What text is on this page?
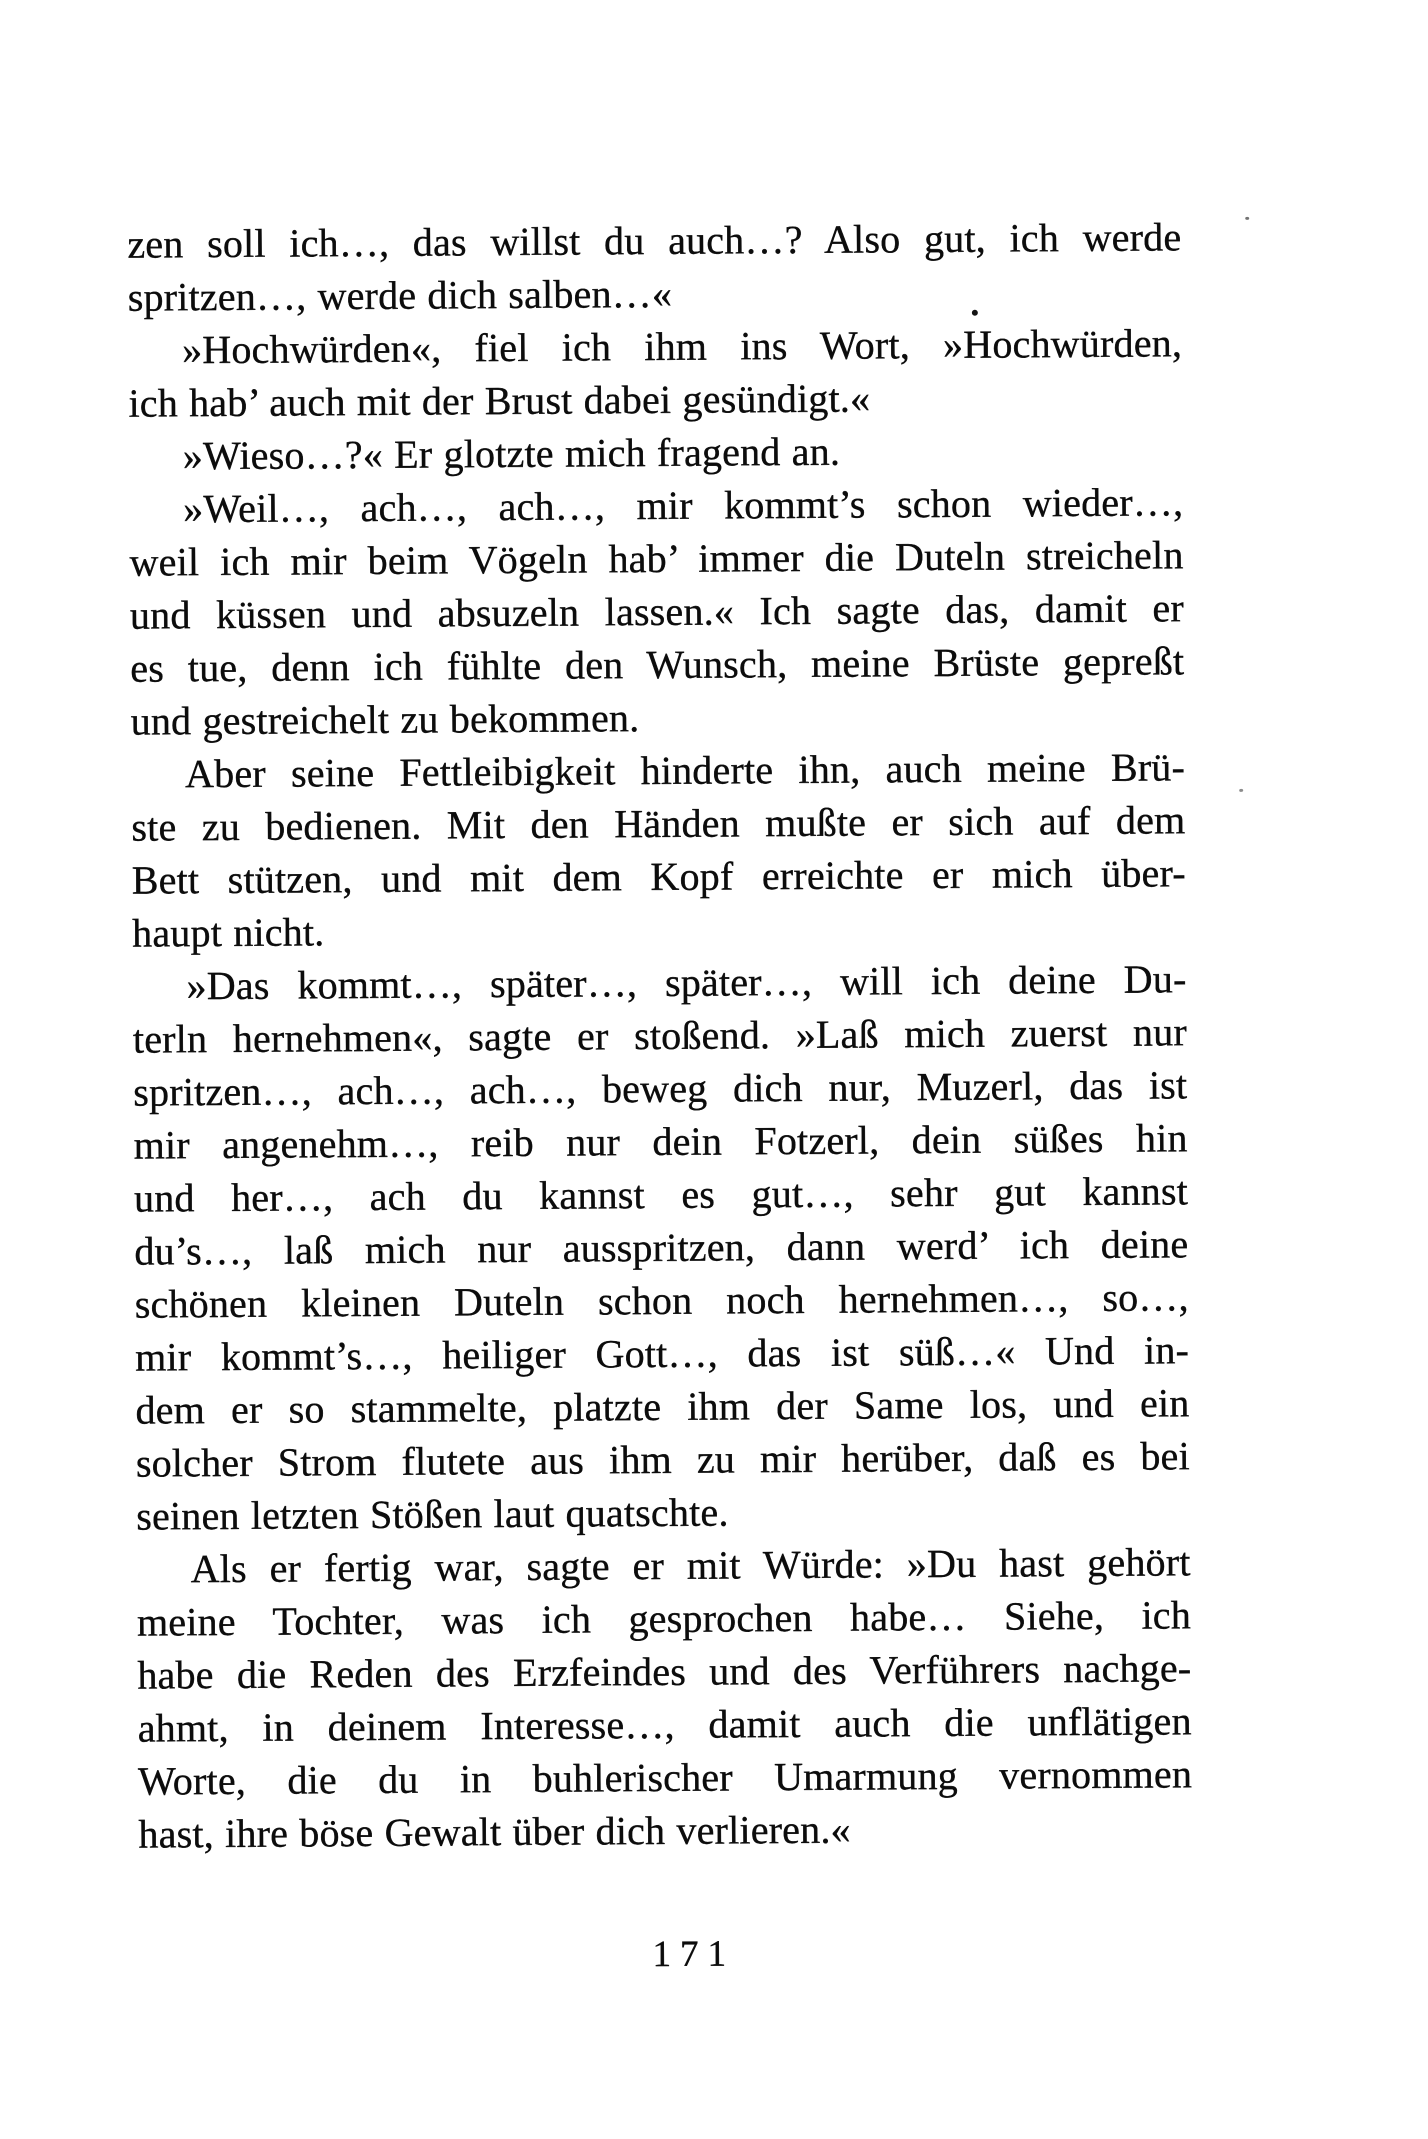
zen soll ich…, das willst du auch…? Also gut, ich werde
spritzen…, werde dich salben…«
»Hochwürden«, fiel ich ihm ins Wort, »Hochwürden,
ich hab’ auch mit der Brust dabei gesündigt.«
»Wieso…?« Er glotzte mich fragend an.
»Weil…, ach…, ach…, mir kommt’s schon wieder…,
weil ich mir beim Vögeln hab’ immer die Duteln streicheln
und küssen und absuzeln lassen.« Ich sagte das, damit er
es tue, denn ich fühlte den Wunsch, meine Brüste gepreßt
und gestreichelt zu bekommen.
Aber seine Fettleibigkeit hinderte ihn, auch meine Brü-
ste zu bedienen. Mit den Händen mußte er sich auf dem
Bett stützen, und mit dem Kopf erreichte er mich über-
haupt nicht.
»Das kommt…, später…, später…, will ich deine Du-
terln hernehmen«, sagte er stoßend. »Laß mich zuerst nur
spritzen…, ach…, ach…, beweg dich nur, Muzerl, das ist
mir angenehm…, reib nur dein Fotzerl, dein süßes hin
und her…, ach du kannst es gut…, sehr gut kannst
du’s…, laß mich nur ausspritzen, dann werd’ ich deine
schönen kleinen Duteln schon noch hernehmen…, so…,
mir kommt’s…, heiliger Gott…, das ist süß…« Und in-
dem er so stammelte, platzte ihm der Same los, und ein
solcher Strom flutete aus ihm zu mir herüber, daß es bei
seinen letzten Stößen laut quatschte.
Als er fertig war, sagte er mit Würde: »Du hast gehört
meine Tochter, was ich gesprochen habe… Siehe, ich
habe die Reden des Erzfeindes und des Verführers nachge-
ahmt, in deinem Interesse…, damit auch die unflätigen
Worte, die du in buhlerischer Umarmung vernommen
hast, ihre böse Gewalt über dich verlieren.«
171
